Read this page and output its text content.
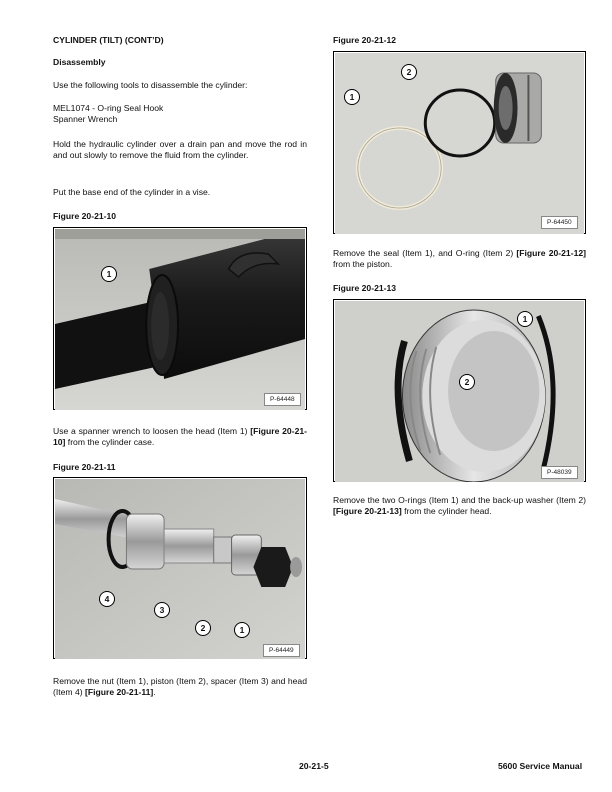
CYLINDER (TILT) (CONT’D)
Disassembly

Use the following tools to disassemble the cylinder:

MEL1074 - O-ring Seal Hook
Spanner Wrench

Hold the hydraulic cylinder over a drain pan and move the rod in and out slowly to remove the fluid from the cylinder.

Put the base end of the cylinder in a vise.

Figure 20-21-10
1
P-64448

Use a spanner wrench to loosen the head (Item 1) [Figure 20-21-10] from the cylinder case.

Figure 20-21-11
4
3
2	1
P-64449

Remove the nut (Item 1), piston (Item 2), spacer (Item 3) and head (Item 4) [Figure 20-21-11].

Figure 20-21-12
2
1
P-64450

Remove the seal (Item 1), and O-ring (Item 2) [Figure 20-21-12] from the piston.

Figure 20-21-13
1
2
P-48039

Remove the two O-rings (Item 1) and the back-up washer (Item 2) [Figure 20-21-13] from the cylinder head.

20-21-5	5600 Service Manual
